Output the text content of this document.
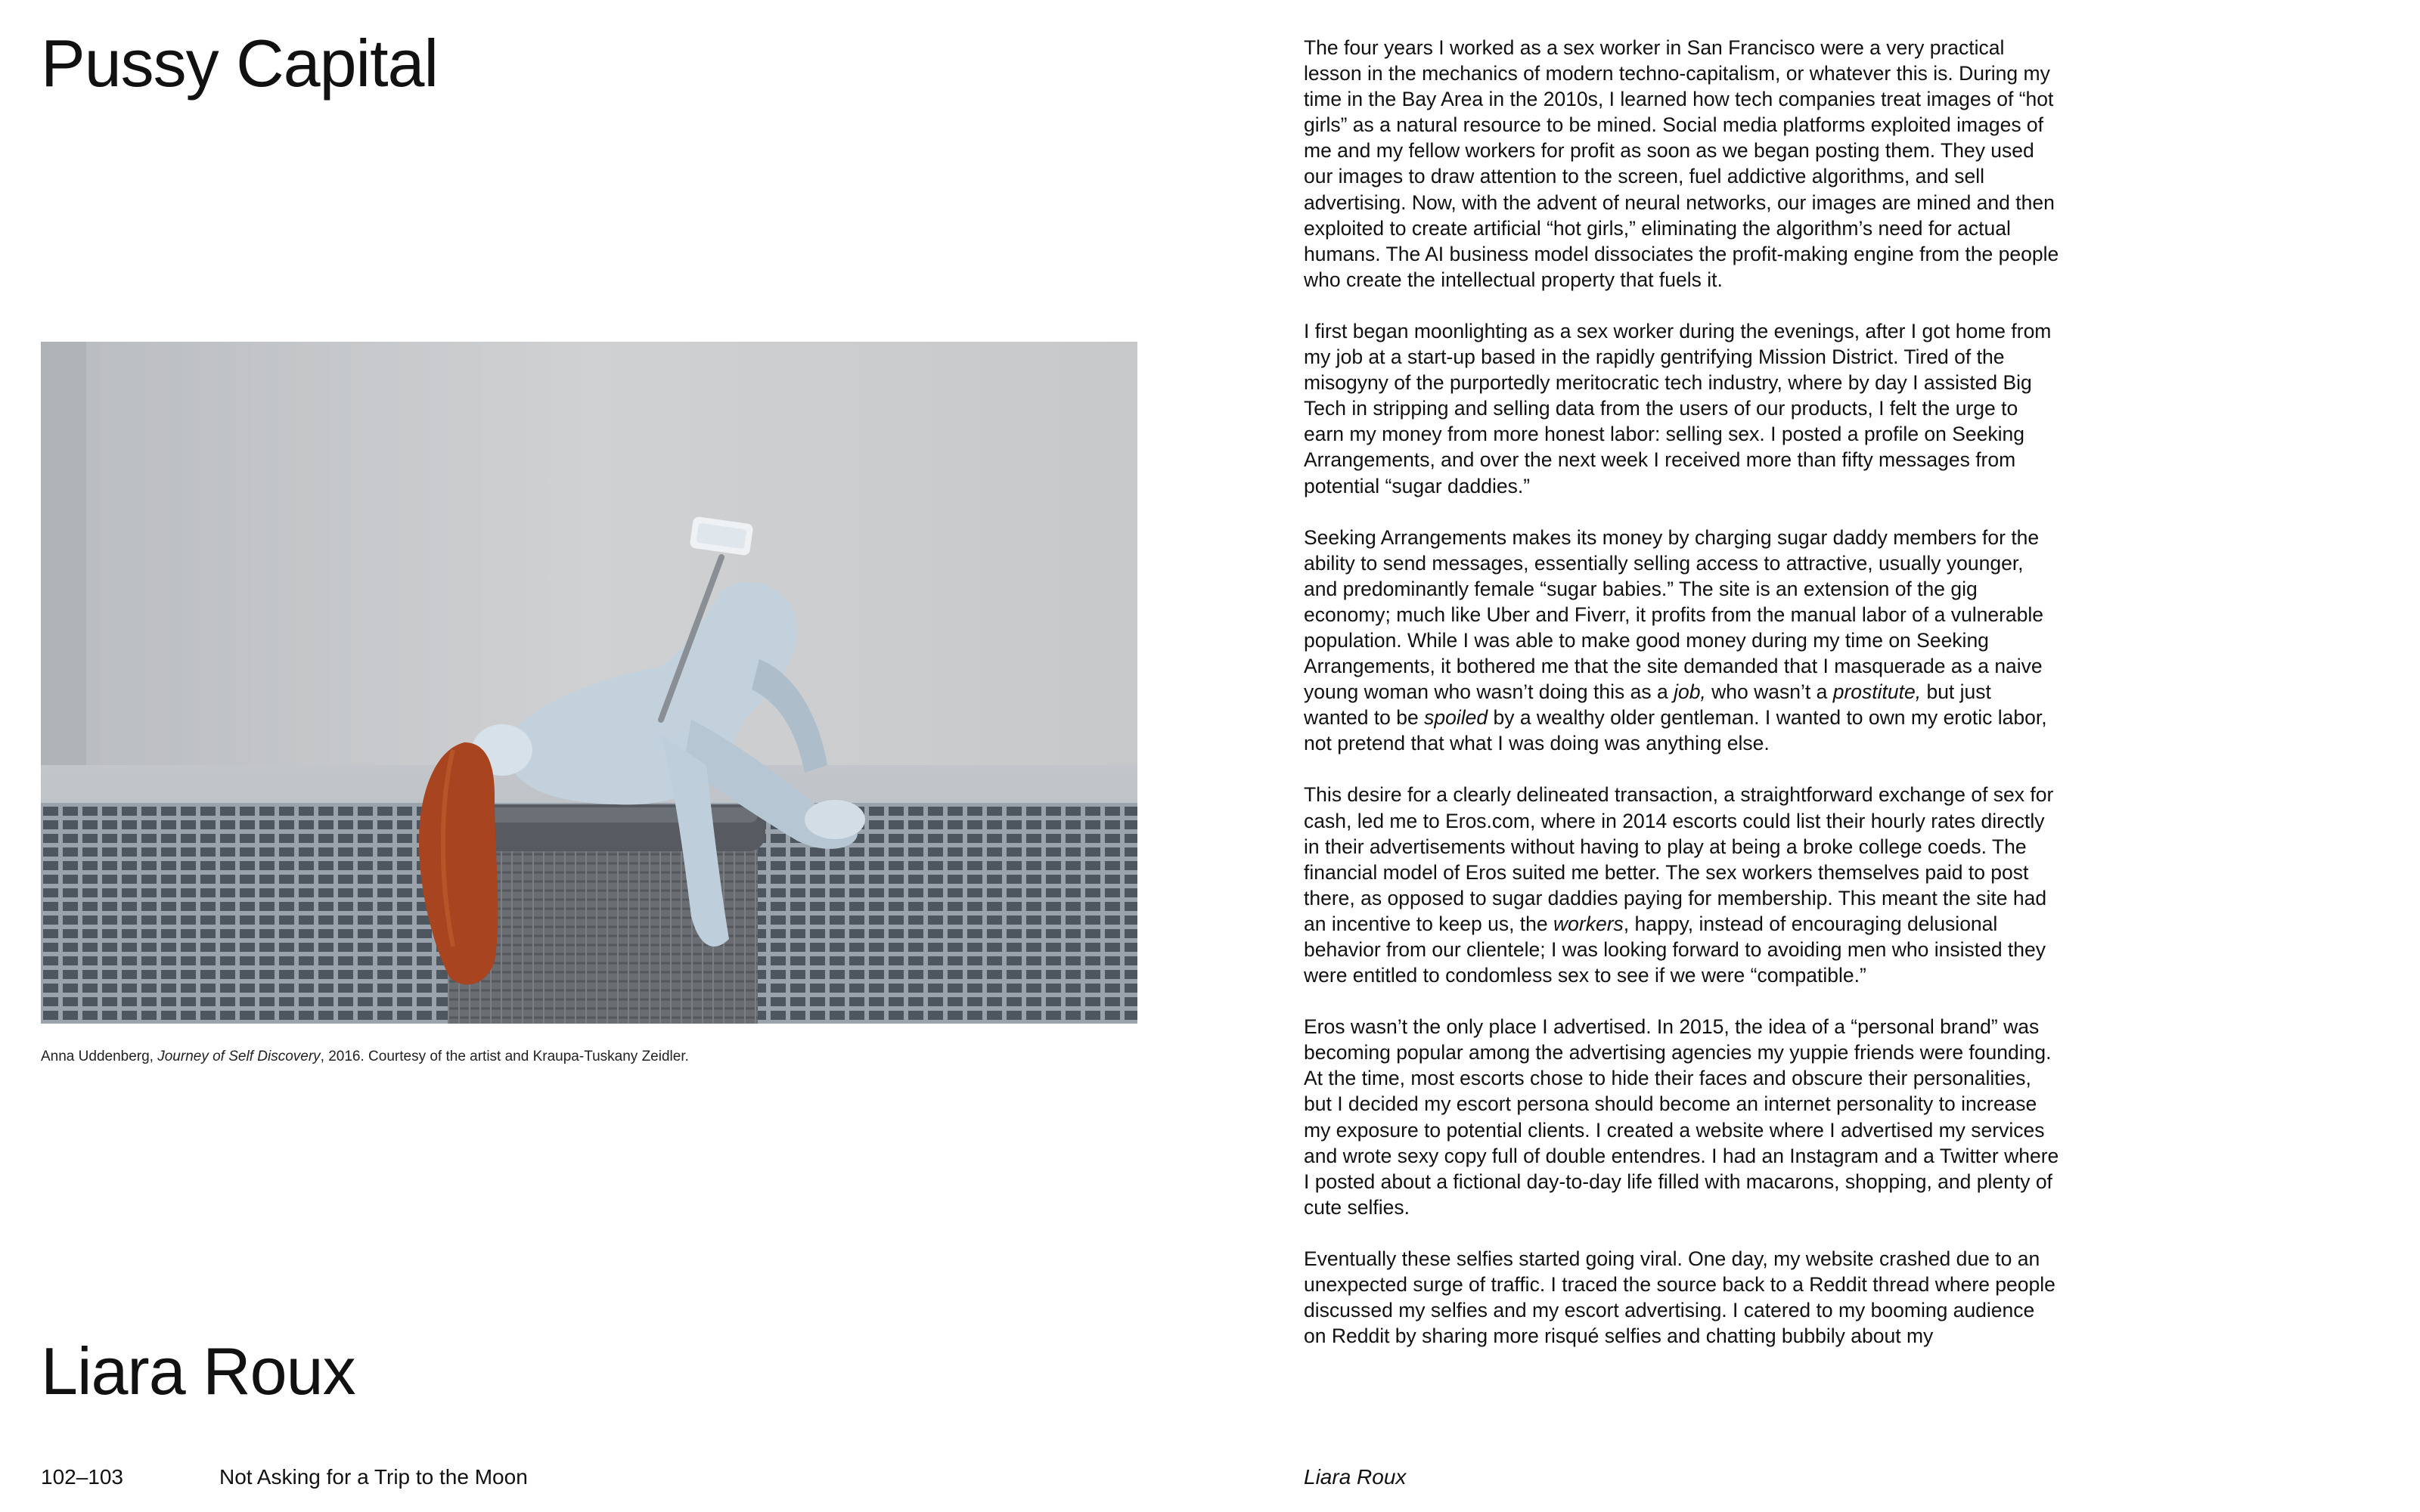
Pussy Capital
Anna Uddenberg, Journey of Self Discovery, 2016. Courtesy of the artist and Kraupa-Tuskany Zeidler.
Liara Roux

The four years I worked as a sex worker in San Francisco were a very practical lesson in the mechanics of modern techno-capitalism, or whatever this is. During my time in the Bay Area in the 2010s, I learned how tech companies treat images of “hot girls” as a natural resource to be mined. Social media platforms exploited images of me and my fellow workers for profit as soon as we began posting them. They used our images to draw attention to the screen, fuel addictive algorithms, and sell advertising. Now, with the advent of neural networks, our images are mined and then exploited to create artificial “hot girls,” eliminating the algorithm’s need for actual humans. The AI business model dissociates the profit-making engine from the people who create the intellectual property that fuels it.

I first began moonlighting as a sex worker during the evenings, after I got home from my job at a start-up based in the rapidly gentrifying Mission District. Tired of the misogyny of the purportedly meritocratic tech industry, where by day I assisted Big Tech in stripping and selling data from the users of our products, I felt the urge to earn my money from more honest labor: selling sex. I posted a profile on Seeking Arrangements, and over the next week I received more than fifty messages from potential “sugar daddies.”

Seeking Arrangements makes its money by charging sugar daddy members for the ability to send messages, essentially selling access to attractive, usually younger, and predominantly female “sugar babies.” The site is an extension of the gig economy; much like Uber and Fiverr, it profits from the manual labor of a vulnerable population. While I was able to make good money during my time on Seeking Arrangements, it bothered me that the site demanded that I masquerade as a naive young woman who wasn’t doing this as a job, who wasn’t a prostitute, but just wanted to be spoiled by a wealthy older gentleman. I wanted to own my erotic labor, not pretend that what I was doing was anything else.

This desire for a clearly delineated transaction, a straightforward exchange of sex for cash, led me to Eros.com, where in 2014 escorts could list their hourly rates directly in their advertisements without having to play at being a broke college coeds. The financial model of Eros suited me better. The sex workers themselves paid to post there, as opposed to sugar daddies paying for membership. This meant the site had an incentive to keep us, the workers, happy, instead of encouraging delusional behavior from our clientele; I was looking forward to avoiding men who insisted they were entitled to condomless sex to see if we were “compatible.”

Eros wasn’t the only place I advertised. In 2015, the idea of a “personal brand” was becoming popular among the advertising agencies my yuppie friends were founding. At the time, most escorts chose to hide their faces and obscure their personalities, but I decided my escort persona should become an internet personality to increase my exposure to potential clients. I created a website where I advertised my services and wrote sexy copy full of double entendres. I had an Instagram and a Twitter where I posted about a fictional day-to-day life filled with macarons, shopping, and plenty of cute selfies.

Eventually these selfies started going viral. One day, my website crashed due to an unexpected surge of traffic. I traced the source back to a Reddit thread where people discussed my selfies and my escort advertising. I catered to my booming audience on Reddit by sharing more risqué selfies and chatting bubbily about my

102–103	Not Asking for a Trip to the Moon	Liara Roux
